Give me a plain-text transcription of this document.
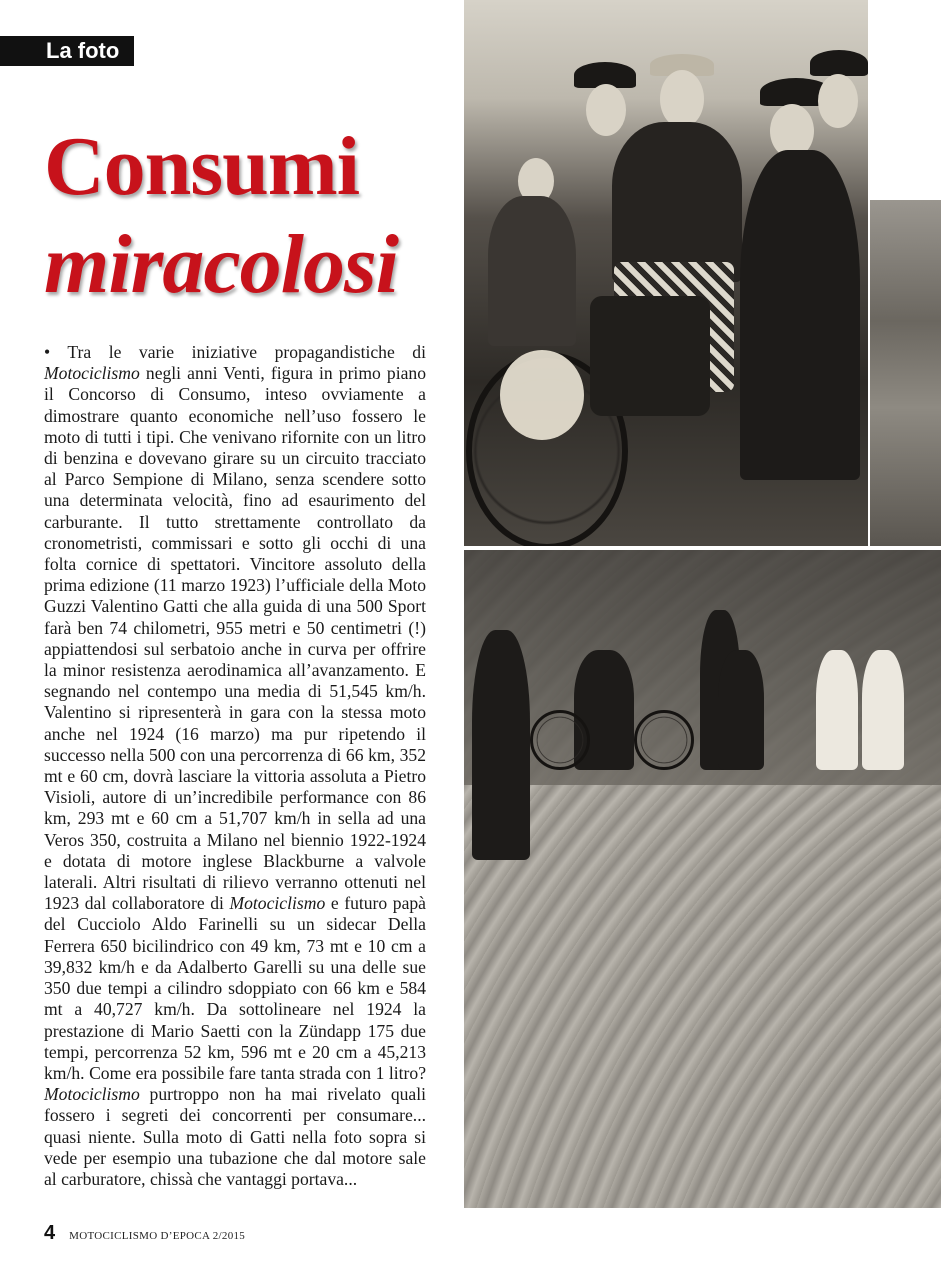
La foto
Consumi
miracolosi

• Tra le varie iniziative propagandistiche di Motociclismo negli anni Venti, figura in primo piano il Concorso di Consumo, inteso ovviamente a dimostrare quanto economiche nell’uso fossero le moto di tutti i tipi. Che venivano rifornite con un litro di benzina e dovevano girare su un circuito tracciato al Parco Sempione di Milano, senza scendere sotto una determinata velocità, fino ad esaurimento del carburante. Il tutto strettamente controllato da cronometristi, commissari e sotto gli occhi di una folta cornice di spettatori. Vincitore assoluto della prima edizione (11 marzo 1923) l’ufficiale della Moto Guzzi Valentino Gatti che alla guida di una 500 Sport farà ben 74 chilometri, 955 metri e 50 centimetri (!) appiattendosi sul serbatoio anche in curva per offrire la minor resistenza aerodinamica all’avanzamento. E segnando nel contempo una media di 51,545 km/h. Valentino si ripresenterà in gara con la stessa moto anche nel 1924 (16 marzo) ma pur ripetendo il successo nella 500 con una percorrenza di 66 km, 352 mt e 60 cm, dovrà lasciare la vittoria assoluta a Pietro Visioli, autore di un’incredibile performance con 86 km, 293 mt e 60 cm a 51,707 km/h in sella ad una Veros 350, costruita a Milano nel biennio 1922-1924 e dotata di motore inglese Blackburne a valvole laterali. Altri risultati di rilievo verranno ottenuti nel 1923 dal collaboratore di Motociclismo e futuro papà del Cucciolo Aldo Farinelli su un sidecar Della Ferrera 650 bicilindrico con 49 km, 73 mt e 10 cm a 39,832 km/h e da Adalberto Garelli su una delle sue 350 due tempi a cilindro sdoppiato con 66 km e 584 mt a 40,727 km/h. Da sottolineare nel 1924 la prestazione di Mario Saetti con la Zündapp 175 due tempi, percorrenza 52 km, 596 mt e 20 cm a 45,213 km/h. Come era possibile fare tanta strada con 1 litro? Motociclismo purtroppo non ha mai rivelato quali fossero i segreti dei concorrenti per consumare... quasi niente. Sulla moto di Gatti nella foto sopra si vede per esempio una tubazione che dal motore sale al carburatore, chissà che vantaggi portava...

4 MOTOCICLISMO D’EPOCA 2/2015
